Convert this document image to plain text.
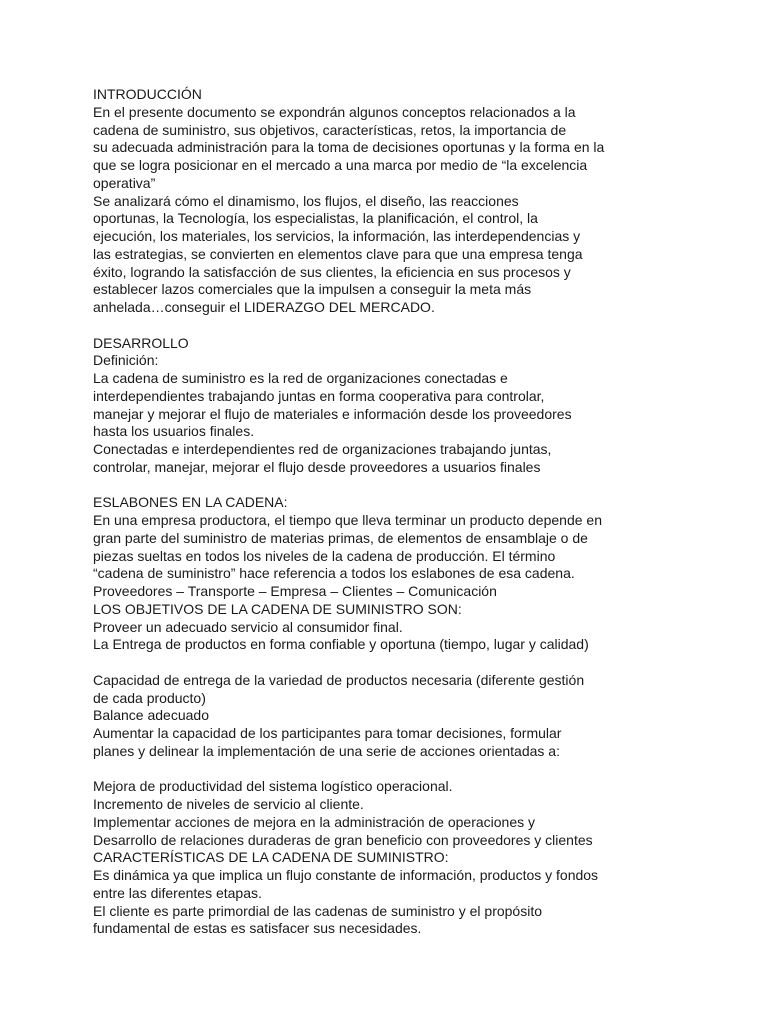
INTRODUCCIÓN
En el presente documento se expondrán algunos conceptos relacionados a la
cadena de suministro, sus objetivos, características, retos, la importancia de
su adecuada administración para la toma de decisiones oportunas y la forma en la
que se logra posicionar en el mercado a una marca por medio de “la excelencia
operativa”
Se analizará cómo el dinamismo, los flujos, el diseño, las reacciones
oportunas, la Tecnología, los especialistas, la planificación, el control, la
ejecución, los materiales, los servicios, la información, las interdependencias y
las estrategias, se convierten en elementos clave para que una empresa tenga
éxito, logrando la satisfacción de sus clientes, la eficiencia en sus procesos y
establecer lazos comerciales que la impulsen a conseguir la meta más
anhelada…conseguir el LIDERAZGO DEL MERCADO.
DESARROLLO
Definición:
La cadena de suministro es la red de organizaciones conectadas e
interdependientes trabajando juntas en forma cooperativa para controlar,
manejar y mejorar el flujo de materiales e información desde los proveedores
hasta los usuarios finales.
Conectadas e interdependientes red de organizaciones trabajando juntas,
controlar, manejar, mejorar el flujo desde proveedores a usuarios finales
ESLABONES EN LA CADENA:
En una empresa productora, el tiempo que lleva terminar un producto depende en
gran parte del suministro de materias primas, de elementos de ensamblaje o de
piezas sueltas en todos los niveles de la cadena de producción. El término
“cadena de suministro” hace referencia a todos los eslabones de esa cadena.
Proveedores – Transporte – Empresa – Clientes – Comunicación
LOS OBJETIVOS DE LA CADENA DE SUMINISTRO SON:
Proveer un adecuado servicio al consumidor final.
La Entrega de productos en forma confiable y oportuna (tiempo, lugar y calidad)
Capacidad de entrega de la variedad de productos necesaria (diferente gestión
de cada producto)
Balance adecuado
Aumentar la capacidad de los participantes para tomar decisiones, formular
planes y delinear la implementación de una serie de acciones orientadas a:
Mejora de productividad del sistema logístico operacional.
Incremento de niveles de servicio al cliente.
Implementar acciones de mejora en la administración de operaciones y
Desarrollo de relaciones duraderas de gran beneficio con proveedores y clientes
CARACTERÍSTICAS DE LA CADENA DE SUMINISTRO:
Es dinámica ya que implica un flujo constante de información, productos y fondos
entre las diferentes etapas.
El cliente es parte primordial de las cadenas de suministro y el propósito
fundamental de estas es satisfacer sus necesidades.
